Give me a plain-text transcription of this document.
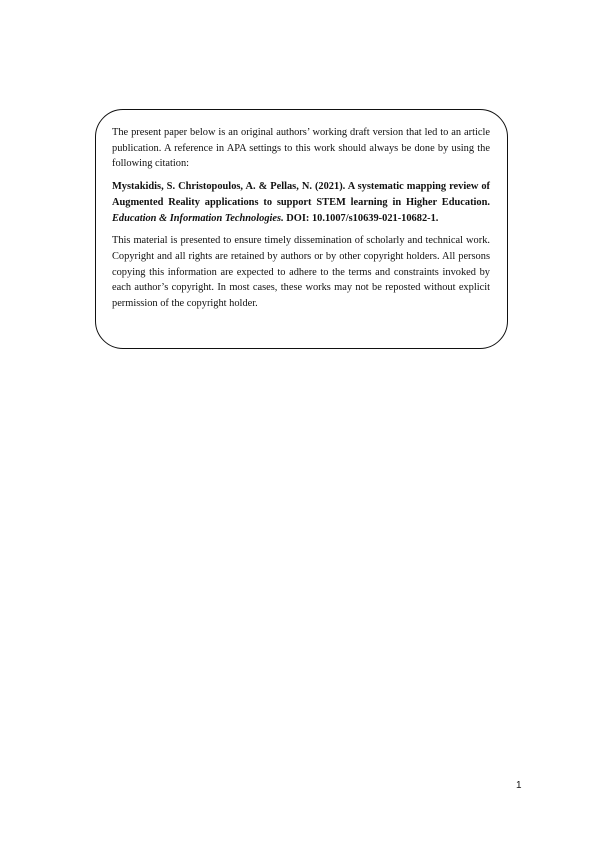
The present paper below is an original authors’ working draft version that led to an article publication. A reference in APA settings to this work should always be done by using the following citation:

Mystakidis, S. Christopoulos, A. & Pellas, N. (2021). A systematic mapping review of Augmented Reality applications to support STEM learning in Higher Education. Education & Information Technologies. DOI: 10.1007/s10639-021-10682-1.

This material is presented to ensure timely dissemination of scholarly and technical work. Copyright and all rights are retained by authors or by other copyright holders. All persons copying this information are expected to adhere to the terms and constraints invoked by each author’s copyright. In most cases, these works may not be reposted without explicit permission of the copyright holder.

1
